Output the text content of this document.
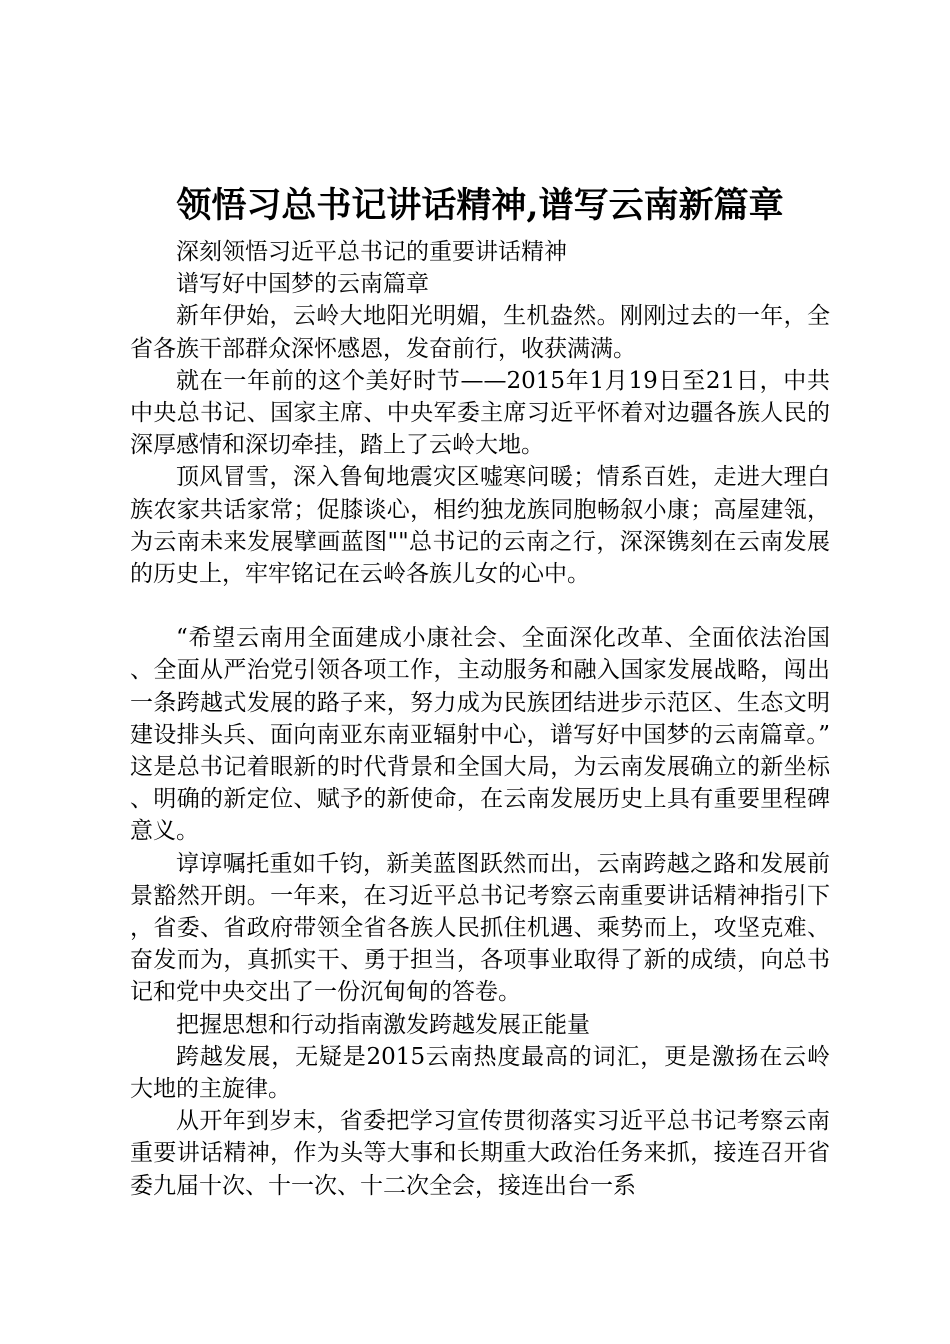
领悟习总书记讲话精神,谱写云南新篇章

深刻领悟习近平总书记的重要讲话精神

谱写好中国梦的云南篇章

新年伊始，云岭大地阳光明媚，生机盎然。刚刚过去的一年，全省各族干部群众深怀感恩，发奋前行，收获满满。

就在一年前的这个美好时节——2015年1月19日至21日，中共中央总书记、国家主席、中央军委主席习近平怀着对边疆各族人民的深厚感情和深切牵挂，踏上了云岭大地。

顶风冒雪，深入鲁甸地震灾区嘘寒问暖；情系百姓，走进大理白族农家共话家常；促膝谈心，相约独龙族同胞畅叙小康；高屋建瓴，为云南未来发展擘画蓝图""总书记的云南之行，深深镌刻在云南发展的历史上，牢牢铭记在云岭各族儿女的心中。

“希望云南用全面建成小康社会、全面深化改革、全面依法治国、全面从严治党引领各项工作，主动服务和融入国家发展战略，闯出一条跨越式发展的路子来，努力成为民族团结进步示范区、生态文明建设排头兵、面向南亚东南亚辐射中心，谱写好中国梦的云南篇章。”这是总书记着眼新的时代背景和全国大局，为云南发展确立的新坐标、明确的新定位、赋予的新使命，在云南发展历史上具有重要里程碑意义。

谆谆嘱托重如千钧，新美蓝图跃然而出，云南跨越之路和发展前景豁然开朗。一年来，在习近平总书记考察云南重要讲话精神指引下，省委、省政府带领全省各族人民抓住机遇、乘势而上，攻坚克难、奋发而为，真抓实干、勇于担当，各项事业取得了新的成绩，向总书记和党中央交出了一份沉甸甸的答卷。

把握思想和行动指南激发跨越发展正能量

跨越发展，无疑是2015云南热度最高的词汇，更是激扬在云岭大地的主旋律。

从开年到岁末，省委把学习宣传贯彻落实习近平总书记考察云南重要讲话精神，作为头等大事和长期重大政治任务来抓，接连召开省委九届十次、十一次、十二次全会，接连出台一系
